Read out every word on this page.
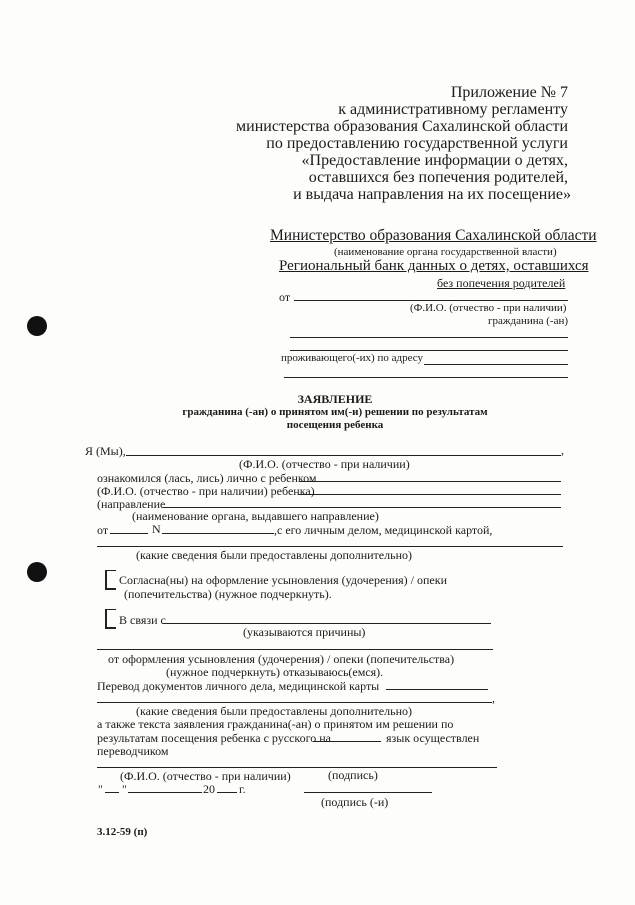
Приложение № 7
к административному регламенту
министерства образования Сахалинской области
по предоставлению государственной услуги
«Предоставление информации о детях,
оставшихся без попечения родителей,
и выдача направления на их посещение»
Министерство образования Сахалинской области
(наименование органа государственной власти)
Региональный банк данных о детях, оставшихся
без попечения родителей
от
(Ф.И.О. (отчество - при наличии)
гражданина (-ан)
проживающего(-их) по адресу
ЗАЯВЛЕНИЕ
гражданина (-ан) о принятом им(-и) решении по результатам
посещения ребенка
Я (Мы),	,
(Ф.И.О. (отчество - при наличии)
ознакомился (лась, лись) лично с ребенком
(Ф.И.О. (отчество - при наличии) ребенка)
(направление
(наименование органа, выдавшего направление)
от	N	,с его личным делом, медицинской картой,
(какие сведения были предоставлены дополнительно)
Согласна(ны) на оформление усыновления (удочерения) / опеки
(попечительства) (нужное подчеркнуть).
В связи с
(указываются причины)
от оформления усыновления (удочерения) / опеки (попечительства)
(нужное подчеркнуть) отказываюсь(емся).
Перевод документов личного дела, медицинской карты
,
(какие сведения были предоставлены дополнительно)
а также текста заявления гражданина(-ан) о принятом им решении по
результатам посещения ребенка с русского на	язык осуществлен
переводчиком
(Ф.И.О. (отчество - при наличии)	(подпись)
" "	20 г.
(подпись (-и)
3.12-59 (п)
